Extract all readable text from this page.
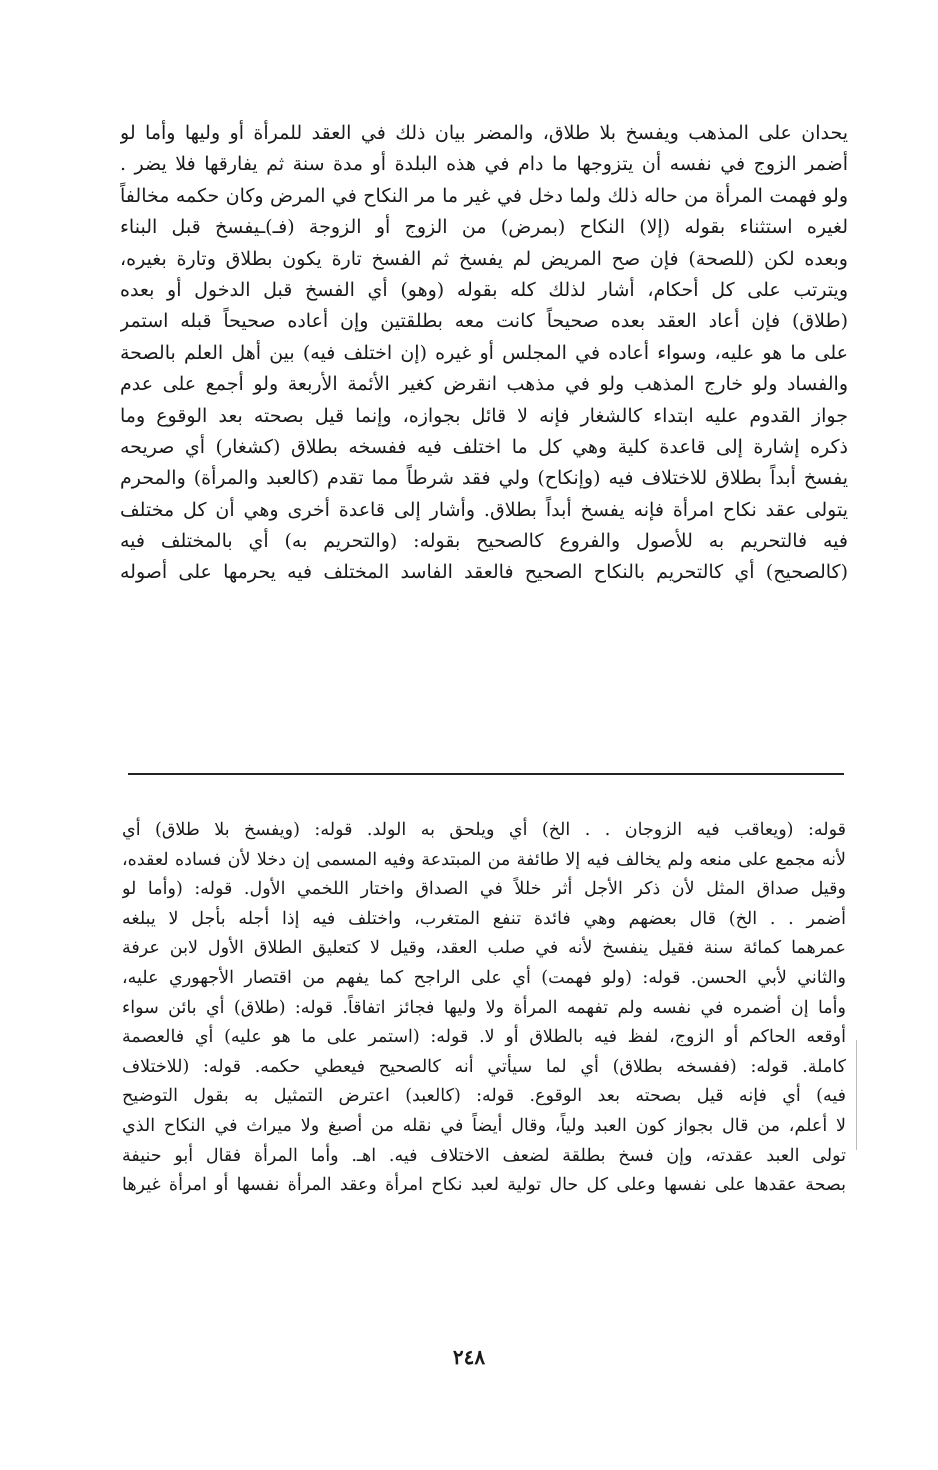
يحدان على المذهب ويفسخ بلا طلاق، والمضر بيان ذلك في العقد للمرأة أو وليها وأما لو
أضمر الزوج في نفسه أن يتزوجها ما دام في هذه البلدة أو مدة سنة ثم يفارقها فلا يضر .
ولو فهمت المرأة من حاله ذلك ولما دخل في غير ما مر النكاح في المرض وكان حكمه مخالفاً
لغيره استثناء بقوله (إلا) النكاح (بمرض) من الزوج أو الزوجة (فـ)ـيفسخ قبل البناء
وبعده لكن (للصحة) فإن صح المريض لم يفسخ ثم الفسخ تارة يكون بطلاق وتارة بغيره،
ويترتب على كل أحكام، أشار لذلك كله بقوله (وهو) أي الفسخ قبل الدخول أو بعده
(طلاق) فإن أعاد العقد بعده صحيحاً كانت معه بطلقتين وإن أعاده صحيحاً قبله استمر
على ما هو عليه، وسواء أعاده في المجلس أو غيره (إن اختلف فيه) بين أهل العلم بالصحة
والفساد ولو خارج المذهب ولو في مذهب انقرض كغير الأئمة الأربعة ولو أجمع على عدم
جواز القدوم عليه ابتداء كالشغار فإنه لا قائل بجوازه، وإنما قيل بصحته بعد الوقوع وما
ذكره إشارة إلى قاعدة كلية وهي كل ما اختلف فيه ففسخه بطلاق (كشغار) أي صريحه
يفسخ أبداً بطلاق للاختلاف فيه (وإنكاح) ولي فقد شرطاً مما تقدم (كالعبد والمرأة) والمحرم
يتولى عقد نكاح امرأة فإنه يفسخ أبداً بطلاق. وأشار إلى قاعدة أخرى وهي أن كل مختلف
فيه فالتحريم به للأصول والفروع كالصحيح بقوله: (والتحريم به) أي بالمختلف فيه
(كالصحيح) أي كالتحريم بالنكاح الصحيح فالعقد الفاسد المختلف فيه يحرمها على أصوله
قوله: (ويعاقب فيه الزوجان . . الخ) أي ويلحق به الولد. قوله: (ويفسخ بلا طلاق) أي
لأنه مجمع على منعه ولم يخالف فيه إلا طائفة من المبتدعة وفيه المسمى إن دخلا لأن فساده لعقده،
وقيل صداق المثل لأن ذكر الأجل أثر خللاً في الصداق واختار اللخمي الأول. قوله: (وأما لو
أضمر . . الخ) قال بعضهم وهي فائدة تنفع المتغرب، واختلف فيه إذا أجله بأجل لا يبلغه
عمرهما كمائة سنة فقيل ينفسخ لأنه في صلب العقد، وقيل لا كتعليق الطلاق الأول لابن عرفة
والثاني لأبي الحسن. قوله: (ولو فهمت) أي على الراجح كما يفهم من اقتصار الأجهوري عليه،
وأما إن أضمره في نفسه ولم تفهمه المرأة ولا وليها فجائز اتفاقاً. قوله: (طلاق) أي بائن سواء
أوقعه الحاكم أو الزوج، لفظ فيه بالطلاق أو لا. قوله: (استمر على ما هو عليه) أي فالعصمة
كاملة. قوله: (ففسخه بطلاق) أي لما سيأتي أنه كالصحيح فيعطي حكمه. قوله: (للاختلاف
فيه) أي فإنه قيل بصحته بعد الوقوع. قوله: (كالعبد) اعترض التمثيل به بقول التوضيح
لا أعلم، من قال بجواز كون العبد ولياً، وقال أيضاً في نقله من أصبغ ولا ميراث في النكاح الذي
تولى العبد عقدته، وإن فسخ بطلقة لضعف الاختلاف فيه. اهـ. وأما المرأة فقال أبو حنيفة
بصحة عقدها على نفسها وعلى كل حال تولية لعبد نكاح امرأة وعقد المرأة نفسها أو امرأة غيرها
٢٤٨
